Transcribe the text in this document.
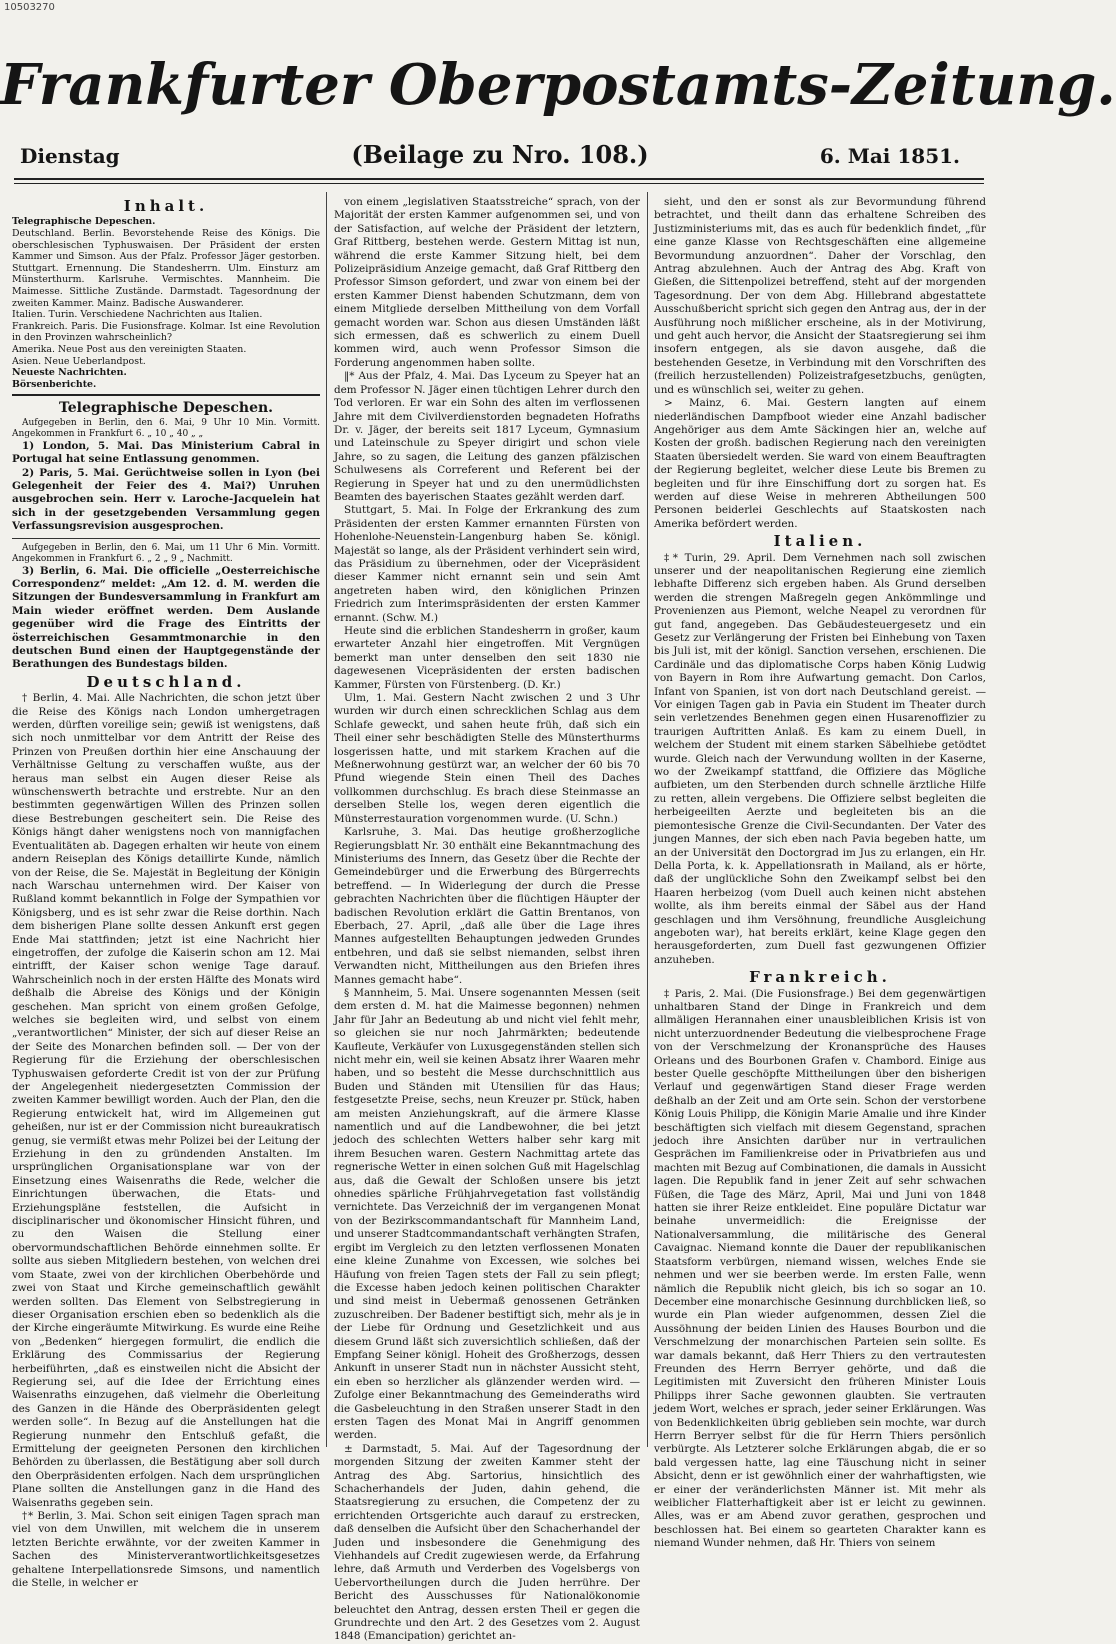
10503270
Frankfurter Oberpostamts-Zeitung.
Dienstag	(Beilage zu Nro. 108.)	6. Mai 1851.
Inhalt.

Telegraphische Depeschen.

Deutschland. Berlin. Bevorstehende Reise des Königs. Die oberschlesischen Typhuswaisen. Der Präsident der ersten Kammer und Simson. Aus der Pfalz. Professor Jäger gestorben. Stuttgart. Ernennung. Die Standesherrn. Ulm. Einsturz am Münsterthurm. Karlsruhe. Vermischtes. Mannheim. Die Maimesse. Sittliche Zustände. Darmstadt. Tagesordnung der zweiten Kammer. Mainz. Badische Auswanderer.

Italien. Turin. Verschiedene Nachrichten aus Italien.

Frankreich. Paris. Die Fusionsfrage. Kolmar. Ist eine Revolution in den Provinzen wahrscheinlich?

Amerika. Neue Post aus den vereinigten Staaten.

Asien. Neue Ueberlandpost.

Neueste Nachrichten.

Börsenberichte.

Telegraphische Depeschen.

Aufgegeben in Berlin, den 6. Mai, 9 Uhr 10 Min. Vormitt. Angekommen in Frankfurt 6. „ 10 „ 40 „ „

1) London, 5. Mai. Das Ministerium Cabral in Portugal hat seine Entlassung genommen.

2) Paris, 5. Mai. Gerüchtweise sollen in Lyon (bei Gelegenheit der Feier des 4. Mai?) Unruhen ausgebrochen sein. Herr v. Laroche-Jacquelein hat sich in der gesetzgebenden Versammlung gegen Verfassungsrevision ausgesprochen.

Aufgegeben in Berlin, den 6. Mai, um 11 Uhr 6 Min. Vormitt. Angekommen in Frankfurt 6. „ 2 „ 9 „ Nachmitt.

3) Berlin, 6. Mai. Die officielle „Oesterreichische Correspondenz“ meldet: „Am 12. d. M. werden die Sitzungen der Bundesversammlung in Frankfurt am Main wieder eröffnet werden. Dem Auslande gegenüber wird die Frage des Eintritts der österreichischen Gesammtmonarchie in den deutschen Bund einen der Hauptgegenstände der Berathungen des Bundestags bilden.

Deutschland.

† Berlin, 4. Mai. Alle Nachrichten, die schon jetzt über die Reise des Königs nach London umhergetragen werden, dürften voreilige sein; gewiß ist wenigstens, daß sich noch unmittelbar vor dem Antritt der Reise des Prinzen von Preußen dorthin hier eine Anschauung der Verhältnisse Geltung zu verschaffen wußte, aus der heraus man selbst ein Augen dieser Reise als wünschenswerth betrachte und erstrebte. Nur an den bestimmten gegenwärtigen Willen des Prinzen sollen diese Bestrebungen gescheitert sein. Die Reise des Königs hängt daher wenigstens noch von mannigfachen Eventualitäten ab. Dagegen erhalten wir heute von einem andern Reiseplan des Königs detaillirte Kunde, nämlich von der Reise, die Se. Majestät in Begleitung der Königin nach Warschau unternehmen wird. Der Kaiser von Rußland kommt bekanntlich in Folge der Sympathien vor Königsberg, und es ist sehr zwar die Reise dorthin. Nach dem bisherigen Plane sollte dessen Ankunft erst gegen Ende Mai stattfinden; jetzt ist eine Nachricht hier eingetroffen, der zufolge die Kaiserin schon am 12. Mai eintrifft, der Kaiser schon wenige Tage darauf. Wahrscheinlich noch in der ersten Hälfte des Monats wird deßhalb die Abreise des Königs und der Königin geschehen. Man spricht von einem großen Gefolge, welches sie begleiten wird, und selbst von einem „verantwortlichen“ Minister, der sich auf dieser Reise an der Seite des Monarchen befinden soll. — Der von der Regierung für die Erziehung der oberschlesischen Typhuswaisen geforderte Credit ist von der zur Prüfung der Angelegenheit niedergesetzten Commission der zweiten Kammer bewilligt worden. Auch der Plan, den die Regierung entwickelt hat, wird im Allgemeinen gut geheißen, nur ist er der Commission nicht bureaukratisch genug, sie vermißt etwas mehr Polizei bei der Leitung der Erziehung in den zu gründenden Anstalten. Im ursprünglichen Organisationsplane war von der Einsetzung eines Waisenraths die Rede, welcher die Einrichtungen überwachen, die Etats- und Erziehungspläne feststellen, die Aufsicht in disciplinarischer und ökonomischer Hinsicht führen, und zu den Waisen die Stellung einer obervormundschaftlichen Behörde einnehmen sollte. Er sollte aus sieben Mitgliedern bestehen, von welchen drei vom Staate, zwei von der kirchlichen Oberbehörde und zwei von Staat und Kirche gemeinschaftlich gewählt werden sollten. Das Element von Selbstregierung in dieser Organisation erschien eben so bedenklich als die der Kirche eingeräumte Mitwirkung. Es wurde eine Reihe von „Bedenken“ hiergegen formulirt, die endlich die Erklärung des Commissarius der Regierung herbeiführten, „daß es einstweilen nicht die Absicht der Regierung sei, auf die Idee der Errichtung eines Waisenraths einzugehen, daß vielmehr die Oberleitung des Ganzen in die Hände des Oberpräsidenten gelegt werden solle“. In Bezug auf die Anstellungen hat die Regierung nunmehr den Entschluß gefaßt, die Ermittelung der geeigneten Personen den kirchlichen Behörden zu überlassen, die Bestätigung aber soll durch den Oberpräsidenten erfolgen. Nach dem ursprünglichen Plane sollten die Anstellungen ganz in die Hand des Waisenraths gegeben sein.

†* Berlin, 3. Mai. Schon seit einigen Tagen sprach man viel von dem Unwillen, mit welchem die in unserem letzten Berichte erwähnte, vor der zweiten Kammer in Sachen des Ministerverantwortlichkeitsgesetzes gehaltene Interpellationsrede Simsons, und namentlich die Stelle, in welcher er

von einem „legislativen Staatsstreiche“ sprach, von der Majorität der ersten Kammer aufgenommen sei, und von der Satisfaction, auf welche der Präsident der letztern, Graf Rittberg, bestehen werde. Gestern Mittag ist nun, während die erste Kammer Sitzung hielt, bei dem Polizeipräsidium Anzeige gemacht, daß Graf Rittberg den Professor Simson gefordert, und zwar von einem bei der ersten Kammer Dienst habenden Schutzmann, dem von einem Mitgliede derselben Mittheilung von dem Vorfall gemacht worden war. Schon aus diesen Umständen läßt sich ermessen, daß es schwerlich zu einem Duell kommen wird, auch wenn Professor Simson die Forderung angenommen haben sollte.

‖* Aus der Pfalz, 4. Mai. Das Lyceum zu Speyer hat an dem Professor N. Jäger einen tüchtigen Lehrer durch den Tod verloren. Er war ein Sohn des alten im verflossenen Jahre mit dem Civilverdienstorden begnadeten Hofraths Dr. v. Jäger, der bereits seit 1817 Lyceum, Gymnasium und Lateinschule zu Speyer dirigirt und schon viele Jahre, so zu sagen, die Leitung des ganzen pfälzischen Schulwesens als Correferent und Referent bei der Regierung in Speyer hat und zu den unermüdlichsten Beamten des bayerischen Staates gezählt werden darf.

Stuttgart, 5. Mai. In Folge der Erkrankung des zum Präsidenten der ersten Kammer ernannten Fürsten von Hohenlohe-Neuenstein-Langenburg haben Se. königl. Majestät so lange, als der Präsident verhindert sein wird, das Präsidium zu übernehmen, oder der Vicepräsident dieser Kammer nicht ernannt sein und sein Amt angetreten haben wird, den königlichen Prinzen Friedrich zum Interimspräsidenten der ersten Kammer ernannt. (Schw. M.)

Heute sind die erblichen Standesherrn in großer, kaum erwarteter Anzahl hier eingetroffen. Mit Vergnügen bemerkt man unter denselben den seit 1830 nie dagewesenen Vicepräsidenten der ersten badischen Kammer, Fürsten von Fürstenberg. (D. Kr.)

Ulm, 1. Mai. Gestern Nacht zwischen 2 und 3 Uhr wurden wir durch einen schrecklichen Schlag aus dem Schlafe geweckt, und sahen heute früh, daß sich ein Theil einer sehr beschädigten Stelle des Münsterthurms losgerissen hatte, und mit starkem Krachen auf die Meßnerwohnung gestürzt war, an welcher der 60 bis 70 Pfund wiegende Stein einen Theil des Daches vollkommen durchschlug. Es brach diese Steinmasse an derselben Stelle los, wegen deren eigentlich die Münsterrestauration vorgenommen wurde. (U. Schn.)

Karlsruhe, 3. Mai. Das heutige großherzogliche Regierungsblatt Nr. 30 enthält eine Bekanntmachung des Ministeriums des Innern, das Gesetz über die Rechte der Gemeindebürger und die Erwerbung des Bürgerrechts betreffend. — In Widerlegung der durch die Presse gebrachten Nachrichten über die flüchtigen Häupter der badischen Revolution erklärt die Gattin Brentanos, von Eberbach, 27. April, „daß alle über die Lage ihres Mannes aufgestellten Behauptungen jedweden Grundes entbehren, und daß sie selbst niemanden, selbst ihren Verwandten nicht, Mittheilungen aus den Briefen ihres Mannes gemacht habe“.

§ Mannheim, 5. Mai. Unsere sogenannten Messen (seit dem ersten d. M. hat die Maimesse begonnen) nehmen Jahr für Jahr an Bedeutung ab und nicht viel fehlt mehr, so gleichen sie nur noch Jahrmärkten; bedeutende Kaufleute, Verkäufer von Luxusgegenständen stellen sich nicht mehr ein, weil sie keinen Absatz ihrer Waaren mehr haben, und so besteht die Messe durchschnittlich aus Buden und Ständen mit Utensilien für das Haus; festgesetzte Preise, sechs, neun Kreuzer pr. Stück, haben am meisten Anziehungskraft, auf die ärmere Klasse namentlich und auf die Landbewohner, die bei jetzt jedoch des schlechten Wetters halber sehr karg mit ihrem Besuchen waren. Gestern Nachmittag artete das regnerische Wetter in einen solchen Guß mit Hagelschlag aus, daß die Gewalt der Schloßen unsere bis jetzt ohnedies spärliche Frühjahrvegetation fast vollständig vernichtete. Das Verzeichniß der im vergangenen Monat von der Bezirkscommandantschaft für Mannheim Land, und unserer Stadtcommandantschaft verhängten Strafen, ergibt im Vergleich zu den letzten verflossenen Monaten eine kleine Zunahme von Excessen, wie solches bei Häufung von freien Tagen stets der Fall zu sein pflegt; die Excesse haben jedoch keinen politischen Charakter und sind meist in Uebermaß genossenen Getränken zuzuschreiben. Der Badener bestiftigt sich, mehr als je in der Liebe für Ordnung und Gesetzlichkeit und aus diesem Grund läßt sich zuversichtlich schließen, daß der Empfang Seiner königl. Hoheit des Großherzogs, dessen Ankunft in unserer Stadt nun in nächster Aussicht steht, ein eben so herzlicher als glänzender werden wird. — Zufolge einer Bekanntmachung des Gemeinderaths wird die Gasbeleuchtung in den Straßen unserer Stadt in den ersten Tagen des Monat Mai in Angriff genommen werden.

± Darmstadt, 5. Mai. Auf der Tagesordnung der morgenden Sitzung der zweiten Kammer steht der Antrag des Abg. Sartorius, hinsichtlich des Schacherhandels der Juden, dahin gehend, die Staatsregierung zu ersuchen, die Competenz der zu errichtenden Ortsgerichte auch darauf zu erstrecken, daß denselben die Aufsicht über den Schacherhandel der Juden und insbesondere die Genehmigung des Viehhandels auf Credit zugewiesen werde, da Erfahrung lehre, daß Armuth und Verderben des Vogelsbergs von Uebervortheilungen durch die Juden herrühre. Der Bericht des Ausschusses für Nationalökonomie beleuchtet den Antrag, dessen ersten Theil er gegen die Grundrechte und den Art. 2 des Gesetzes vom 2. August 1848 (Emancipation) gerichtet an-

sieht, und den er sonst als zur Bevormundung führend betrachtet, und theilt dann das erhaltene Schreiben des Justizministeriums mit, das es auch für bedenklich findet, „für eine ganze Klasse von Rechtsgeschäften eine allgemeine Bevormundung anzuordnen“. Daher der Vorschlag, den Antrag abzulehnen. Auch der Antrag des Abg. Kraft von Gießen, die Sittenpolizei betreffend, steht auf der morgenden Tagesordnung. Der von dem Abg. Hillebrand abgestattete Ausschußbericht spricht sich gegen den Antrag aus, der in der Ausführung noch mißlicher erscheine, als in der Motivirung, und geht auch hervor, die Ansicht der Staatsregierung sei ihm insofern entgegen, als sie davon ausgehe, daß die bestehenden Gesetze, in Verbindung mit den Vorschriften des (freilich herzustellenden) Polizeistrafgesetzbuchs, genügten, und es wünschlich sei, weiter zu gehen.

> Mainz, 6. Mai. Gestern langten auf einem niederländischen Dampfboot wieder eine Anzahl badischer Angehöriger aus dem Amte Säckingen hier an, welche auf Kosten der großh. badischen Regierung nach den vereinigten Staaten übersiedelt werden. Sie ward von einem Beauftragten der Regierung begleitet, welcher diese Leute bis Bremen zu begleiten und für ihre Einschiffung dort zu sorgen hat. Es werden auf diese Weise in mehreren Abtheilungen 500 Personen beiderlei Geschlechts auf Staatskosten nach Amerika befördert werden.

Italien.

‡* Turin, 29. April. Dem Vernehmen nach soll zwischen unserer und der neapolitanischen Regierung eine ziemlich lebhafte Differenz sich ergeben haben. Als Grund derselben werden die strengen Maßregeln gegen Ankömmlinge und Provenienzen aus Piemont, welche Neapel zu verordnen für gut fand, angegeben. Das Gebäudesteuergesetz und ein Gesetz zur Verlängerung der Fristen bei Einhebung von Taxen bis Juli ist, mit der königl. Sanction versehen, erschienen. Die Cardinäle und das diplomatische Corps haben König Ludwig von Bayern in Rom ihre Aufwartung gemacht. Don Carlos, Infant von Spanien, ist von dort nach Deutschland gereist. — Vor einigen Tagen gab in Pavia ein Student im Theater durch sein verletzendes Benehmen gegen einen Husarenoffizier zu traurigen Auftritten Anlaß. Es kam zu einem Duell, in welchem der Student mit einem starken Säbelhiebe getödtet wurde. Gleich nach der Verwundung wollten in der Kaserne, wo der Zweikampf stattfand, die Offiziere das Mögliche aufbieten, um den Sterbenden durch schnelle ärztliche Hilfe zu retten, allein vergebens. Die Offiziere selbst begleiten die herbeigeeilten Aerzte und begleiteten bis an die piemontesische Grenze die Civil-Secundanten. Der Vater des jungen Mannes, der sich eben nach Pavia begeben hatte, um an der Universität den Doctorgrad im Jus zu erlangen, ein Hr. Della Porta, k. k. Appellationsrath in Mailand, als er hörte, daß der unglückliche Sohn den Zweikampf selbst bei den Haaren herbeizog (vom Duell auch keinen nicht abstehen wollte, als ihm bereits einmal der Säbel aus der Hand geschlagen und ihm Versöhnung, freundliche Ausgleichung angeboten war), hat bereits erklärt, keine Klage gegen den herausgeforderten, zum Duell fast gezwungenen Offizier anzuheben.

Frankreich.

‡ Paris, 2. Mai. (Die Fusionsfrage.) Bei dem gegenwärtigen unhaltbaren Stand der Dinge in Frankreich und dem allmäligen Herannahen einer unausbleiblichen Krisis ist von nicht unterzuordnender Bedeutung die vielbesprochene Frage von der Verschmelzung der Kronansprüche des Hauses Orleans und des Bourbonen Grafen v. Chambord. Einige aus bester Quelle geschöpfte Mittheilungen über den bisherigen Verlauf und gegenwärtigen Stand dieser Frage werden deßhalb an der Zeit und am Orte sein. Schon der verstorbene König Louis Philipp, die Königin Marie Amalie und ihre Kinder beschäftigten sich vielfach mit diesem Gegenstand, sprachen jedoch ihre Ansichten darüber nur in vertraulichen Gesprächen im Familienkreise oder in Privatbriefen aus und machten mit Bezug auf Combinationen, die damals in Aussicht lagen. Die Republik fand in jener Zeit auf sehr schwachen Füßen, die Tage des März, April, Mai und Juni von 1848 hatten sie ihrer Reize entkleidet. Eine populäre Dictatur war beinahe unvermeidlich: die Ereignisse der Nationalversammlung, die militärische des General Cavaignac. Niemand konnte die Dauer der republikanischen Staatsform verbürgen, niemand wissen, welches Ende sie nehmen und wer sie beerben werde. Im ersten Falle, wenn nämlich die Republik nicht gleich, bis ich so sogar an 10. December eine monarchische Gesinnung durchblicken ließ, so wurde ein Plan wieder aufgenommen, dessen Ziel die Aussöhnung der beiden Linien des Hauses Bourbon und die Verschmelzung der monarchischen Parteien sein sollte. Es war damals bekannt, daß Herr Thiers zu den vertrautesten Freunden des Herrn Berryer gehörte, und daß die Legitimisten mit Zuversicht den früheren Minister Louis Philipps ihrer Sache gewonnen glaubten. Sie vertrauten jedem Wort, welches er sprach, jeder seiner Erklärungen. Was von Bedenklichkeiten übrig geblieben sein mochte, war durch Herrn Berryer selbst für die für Herrn Thiers persönlich verbürgte. Als Letzterer solche Erklärungen abgab, die er so bald vergessen hatte, lag eine Täuschung nicht in seiner Absicht, denn er ist gewöhnlich einer der wahrhaftigsten, wie er einer der veränderlichsten Männer ist. Mit mehr als weiblicher Flatterhaftigkeit aber ist er leicht zu gewinnen. Alles, was er am Abend zuvor gerathen, gesprochen und beschlossen hat. Bei einem so gearteten Charakter kann es niemand Wunder nehmen, daß Hr. Thiers von seinem
